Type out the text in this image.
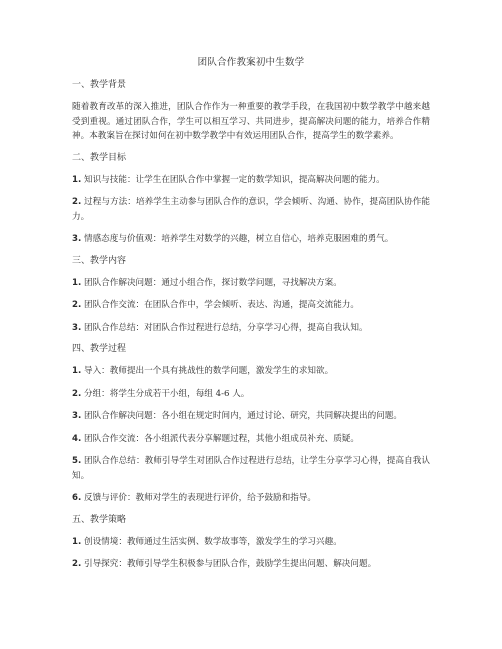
团队合作教案初中生数学
一、教学背景
随着教育改革的深入推进，团队合作作为一种重要的教学手段，在我国初中数学教学中越来越受到重视。通过团队合作，学生可以相互学习、共同进步，提高解决问题的能力，培养合作精神。本教案旨在探讨如何在初中数学教学中有效运用团队合作，提高学生的数学素养。
二、教学目标
1. 知识与技能：让学生在团队合作中掌握一定的数学知识，提高解决问题的能力。
2. 过程与方法：培养学生主动参与团队合作的意识，学会倾听、沟通、协作，提高团队协作能力。
3. 情感态度与价值观：培养学生对数学的兴趣，树立自信心，培养克服困难的勇气。
三、教学内容
1. 团队合作解决问题：通过小组合作，探讨数学问题，寻找解决方案。
2. 团队合作交流：在团队合作中，学会倾听、表达、沟通，提高交流能力。
3. 团队合作总结：对团队合作过程进行总结，分享学习心得，提高自我认知。
四、教学过程
1. 导入：教师提出一个具有挑战性的数学问题，激发学生的求知欲。
2. 分组：将学生分成若干小组，每组 4-6 人。
3. 团队合作解决问题：各小组在规定时间内，通过讨论、研究，共同解决提出的问题。
4. 团队合作交流：各小组派代表分享解题过程，其他小组成员补充、质疑。
5. 团队合作总结：教师引导学生对团队合作过程进行总结，让学生分享学习心得，提高自我认知。
6. 反馈与评价：教师对学生的表现进行评价，给予鼓励和指导。
五、教学策略
1. 创设情境：教师通过生活实例、数学故事等，激发学生的学习兴趣。
2. 引导探究：教师引导学生积极参与团队合作，鼓励学生提出问题、解决问题。
